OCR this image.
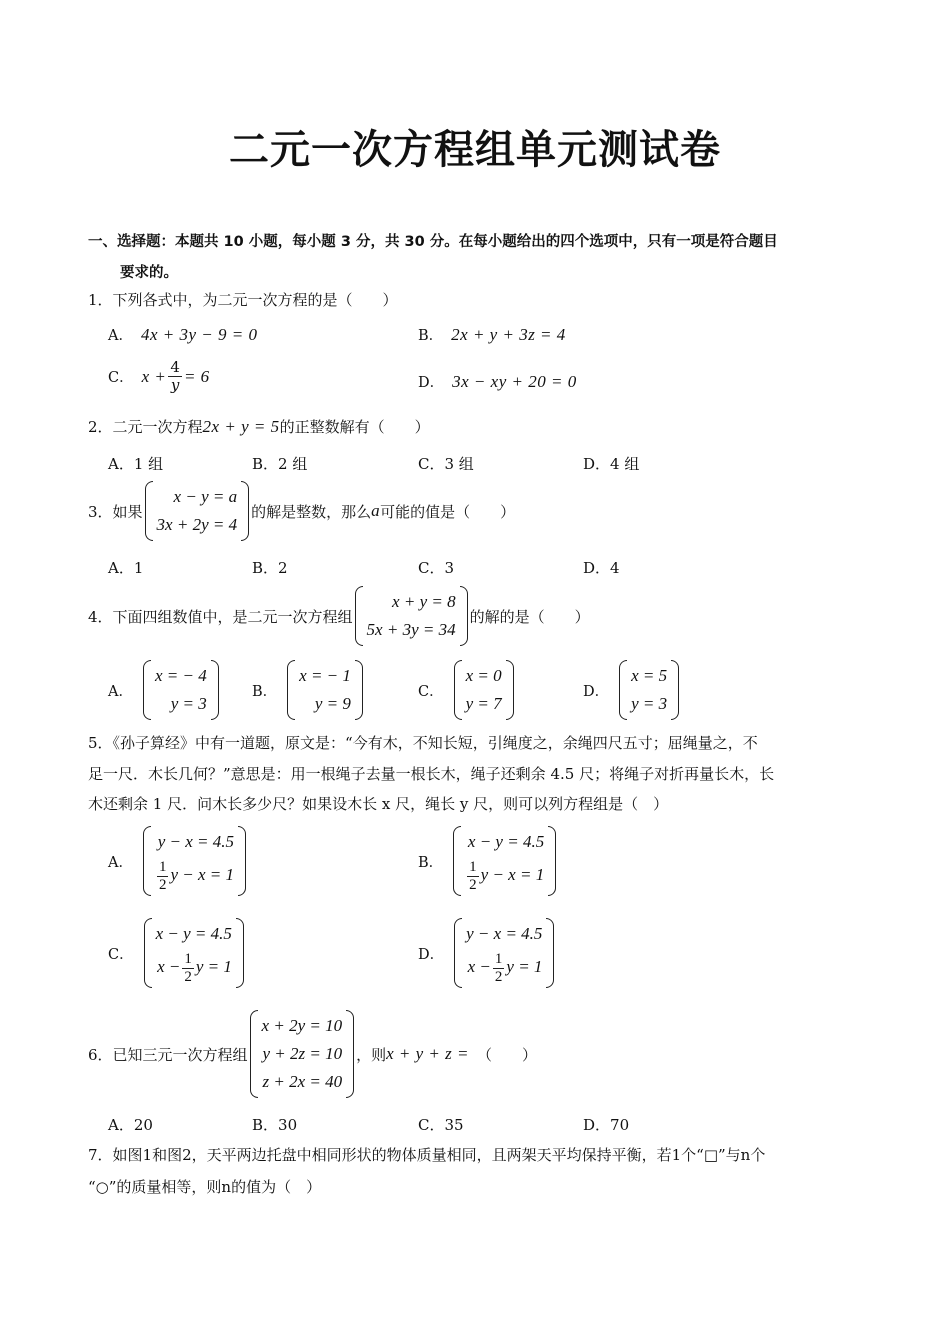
二元一次方程组单元测试卷
一、选择题：本题共 10 小题，每小题 3 分，共 30 分。在每小题给出的四个选项中，只有一项是符合题目
要求的。
1．下列各式中，为二元一次方程的是（　　）
A． 4x + 3y − 9 = 0	B． 2x + y + 3z = 4
C． $x + \frac{4}{y} = 6$	D． 3x − xy + 20 = 0
2．二元一次方程 2x + y = 5 的正整数解有（　　）
A．1 组	B．2 组	C．3 组	D．4 组
3．如果
x − y = a
3x + 2y = 4
的解是整数，那么 a 可能的值是（　　）
A．1	B．2	C．3	D．4
4．下面四组数值中，是二元一次方程组
x + y = 8
5x + 3y = 34
的解的是（　　）
A．
x = − 4
y = 3
B．
x = − 1
y = 9
C．
x = 0
y = 7
D．
x = 5
y = 3
5．《孙子算经》中有一道题，原文是：“今有木，不知长短，引绳度之，余绳四尺五寸；屈绳量之，不
足一尺．木长几何？”意思是：用一根绳子去量一根长木，绳子还剩余 4.5 尺；将绳子对折再量长木，长
木还剩余 1 尺．问木长多少尺？如果设木长 x 尺，绳长 y 尺，则可以列方程组是（　）
A．
y − x = 4.5
$\frac{1}{2}$ y − x = 1
B．
x − y = 4.5
$\frac{1}{2}$ y − x = 1
C．
x − y = 4.5
$x - \frac{1}{2}$ y = 1
D．
y − x = 4.5
$x - \frac{1}{2}$ y = 1
6．已知三元一次方程组
x + 2y = 10
y + 2z = 10
z + 2x = 40
，则 x + y + z = （　　）
A．20	B．30	C．35	D．70
7．如图1和图2，天平两边托盘中相同形状的物体质量相同，且两架天平均保持平衡，若1个“□”与n个
“○”的质量相等，则n的值为（　）
